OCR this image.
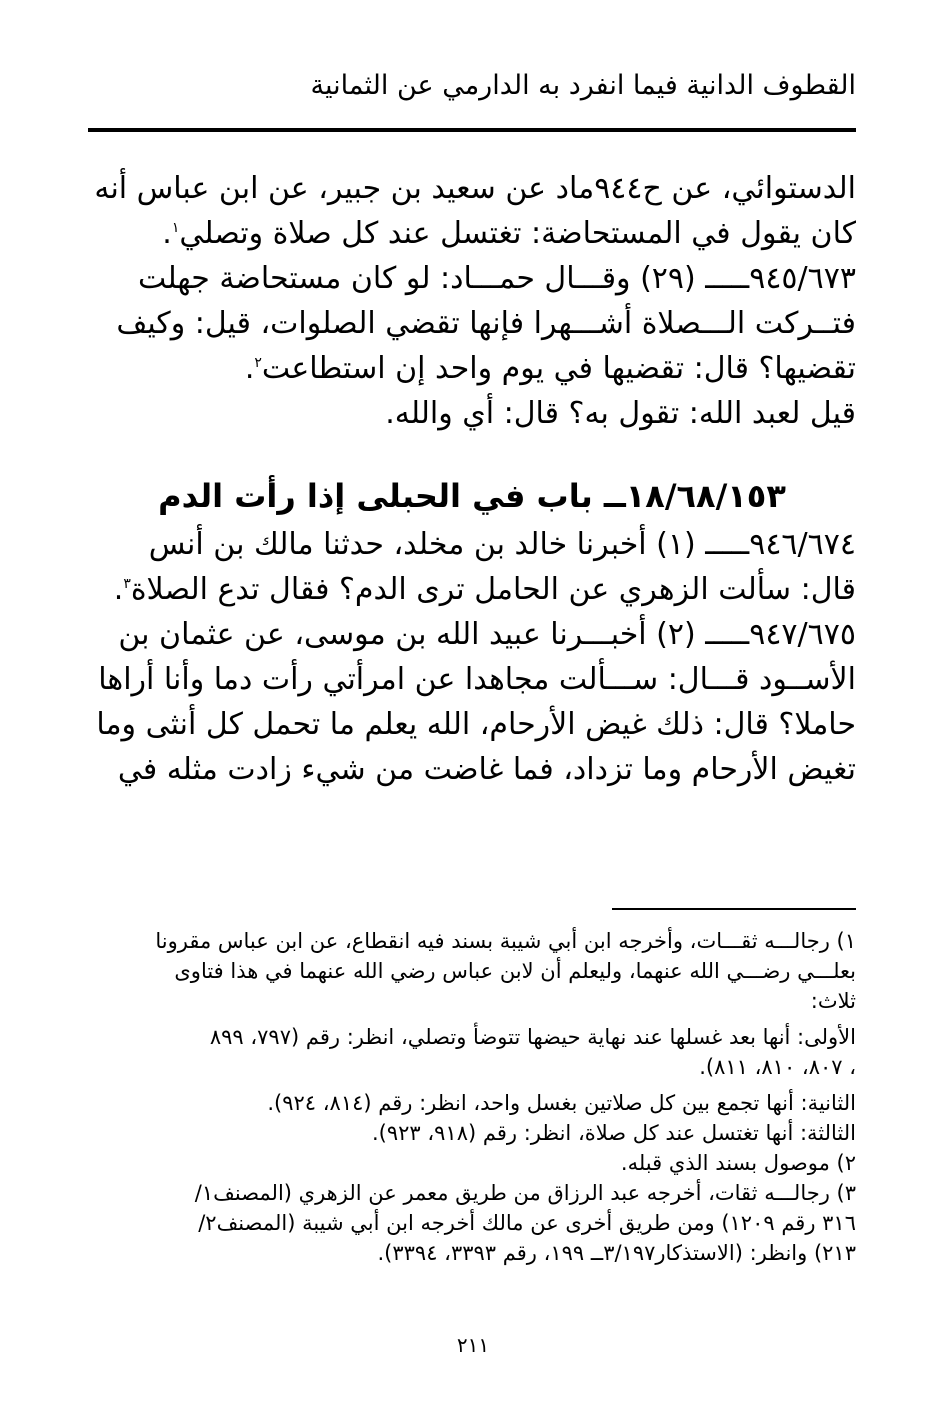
القطوف الدانية فيما انفرد به الدارمي عن الثمانية
الدستوائي، عن ح٩٤٤ماد عن سعيد بن جبير، عن ابن عباس أنه
كان يقول في المستحاضة: تغتسل عند كل صلاة وتصلي$^١$.
٩٤٥/٦٧٣ـــــ (٢٩) وقـــال حمـــاد: لو كان مستحاضة جهلت
فتــركت الـــصلاة أشـــهرا فإنها تقضي الصلوات، قيل: وكيف
تقضيها؟ قال: تقضيها في يوم واحد إن استطاعت$^٢$.
قيل لعبد الله: تقول به؟ قال: أي والله.
١٨/٦٨/١٥٣ــ باب في الحبلى إذا رأت الدم
٩٤٦/٦٧٤ـــــ (١) أخبرنا خالد بن مخلد، حدثنا مالك بن أنس
قال: سألت الزهري عن الحامل ترى الدم؟ فقال تدع الصلاة$^٣$.
٩٤٧/٦٧٥ـــــ (٢) أخبـــرنا عبيد الله بن موسى، عن عثمان بن
الأســود قـــال: ســـألت مجاهدا عن امرأتي رأت دما وأنا أراها
حاملا؟ قال: ذلك غيض الأرحام، الله يعلم ما تحمل كل أنثى وما
تغيض الأرحام وما تزداد، فما غاضت من شيء زادت مثله في
١) رجالـــه ثقـــات، وأخرجه ابن أبي شيبة بسند فيه انقطاع، عن ابن عباس مقرونا
بعلـــي رضـــي الله عنهما، وليعلم أن لابن عباس رضي الله عنهما في هذا فتاوى
ثلاث:
الأولى: أنها بعد غسلها عند نهاية حيضها تتوضأ وتصلي، انظر: رقم (٧٩٧، ٨٩٩
، ٨٠٧، ٨١٠، ٨١١).
الثانية: أنها تجمع بين كل صلاتين بغسل واحد، انظر: رقم (٨١٤، ٩٢٤).
الثالثة: أنها تغتسل عند كل صلاة، انظر: رقم (٩١٨، ٩٢٣).
٢) موصول بسند الذي قبله.
٣) رجالـــه ثقات، أخرجه عبد الرزاق من طريق معمر عن الزهري (المصنف١/
٣١٦ رقم ١٢٠٩) ومن طريق أخرى عن مالك أخرجه ابن أبي شيبة (المصنف٢/
٢١٣) وانظر: (الاستذكار٣/١٩٧ــ ١٩٩، رقم ٣٣٩٣، ٣٣٩٤).
٢١١
